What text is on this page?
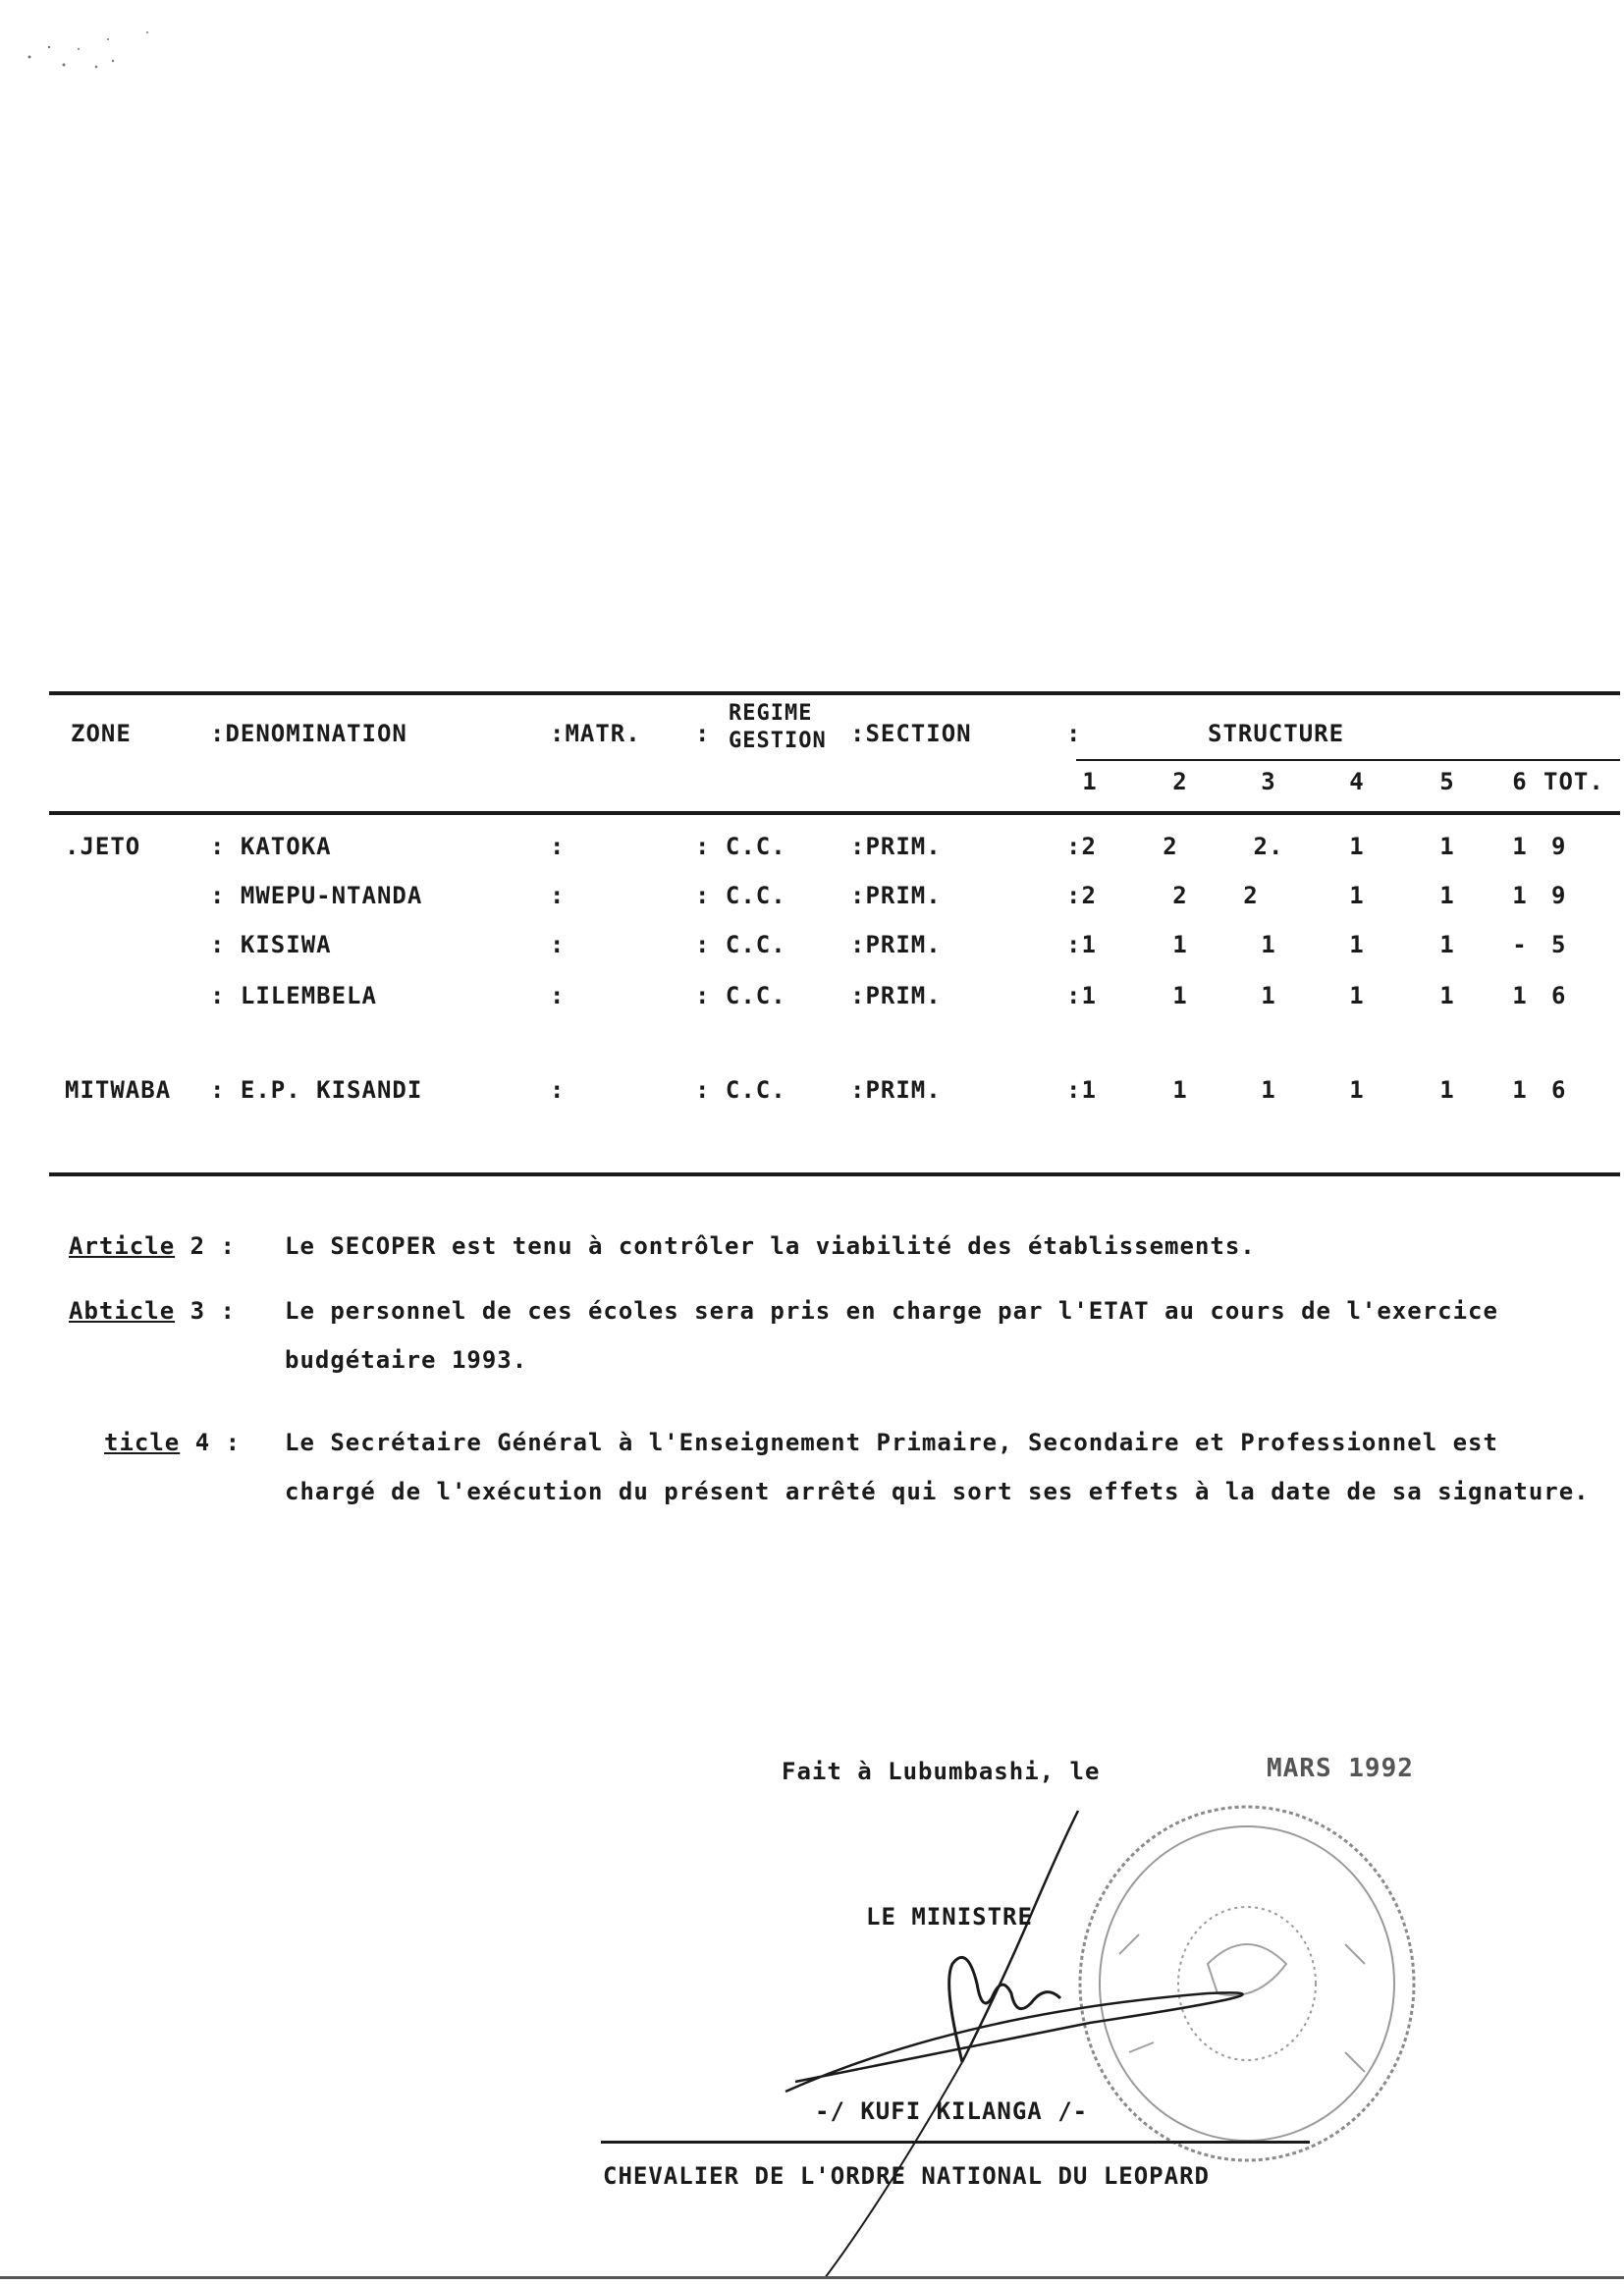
ZONE	:DENOMINATION	:MATR. :
REGIME
GESTION :SECTION	:	STRUCTURE
1	2	3	4	5	6 TOT.
.JETO	: KATOKA	:	: C.C.	:PRIM.	:2	2	2.	1	1	1	9
: MWEPU-NTANDA	:	: C.C.	:PRIM.	:2	2	2	1	1	1	9
: KISIWA	:	: C.C.	:PRIM.	:1	1	1	1	1	-	5
: LILEMBELA	:	: C.C.	:PRIM.	:1	1	1	1	1	1	6
MITWABA : E.P. KISANDI	:	: C.C.	:PRIM.	:1	1	1	1	1	1	6
Article 2 : Le SECOPER est tenu à contrôler la viabilité des établissements.
Abticle 3 : Le personnel de ces écoles sera pris en charge par l'ETAT au cours de l'exercice budgétaire 1993.
ticle 4 : Le Secrétaire Général à l'Enseignement Primaire, Secondaire et Professionnel est chargé de l'exécution du présent arrêté qui sort ses effets à la date de sa signature.
Fait à Lubumbashi, le	MARS 1992
LE MINISTRE
-/ KUFI KILANGA /-
CHEVALIER DE L'ORDRE NATIONAL DU LEOPARD
